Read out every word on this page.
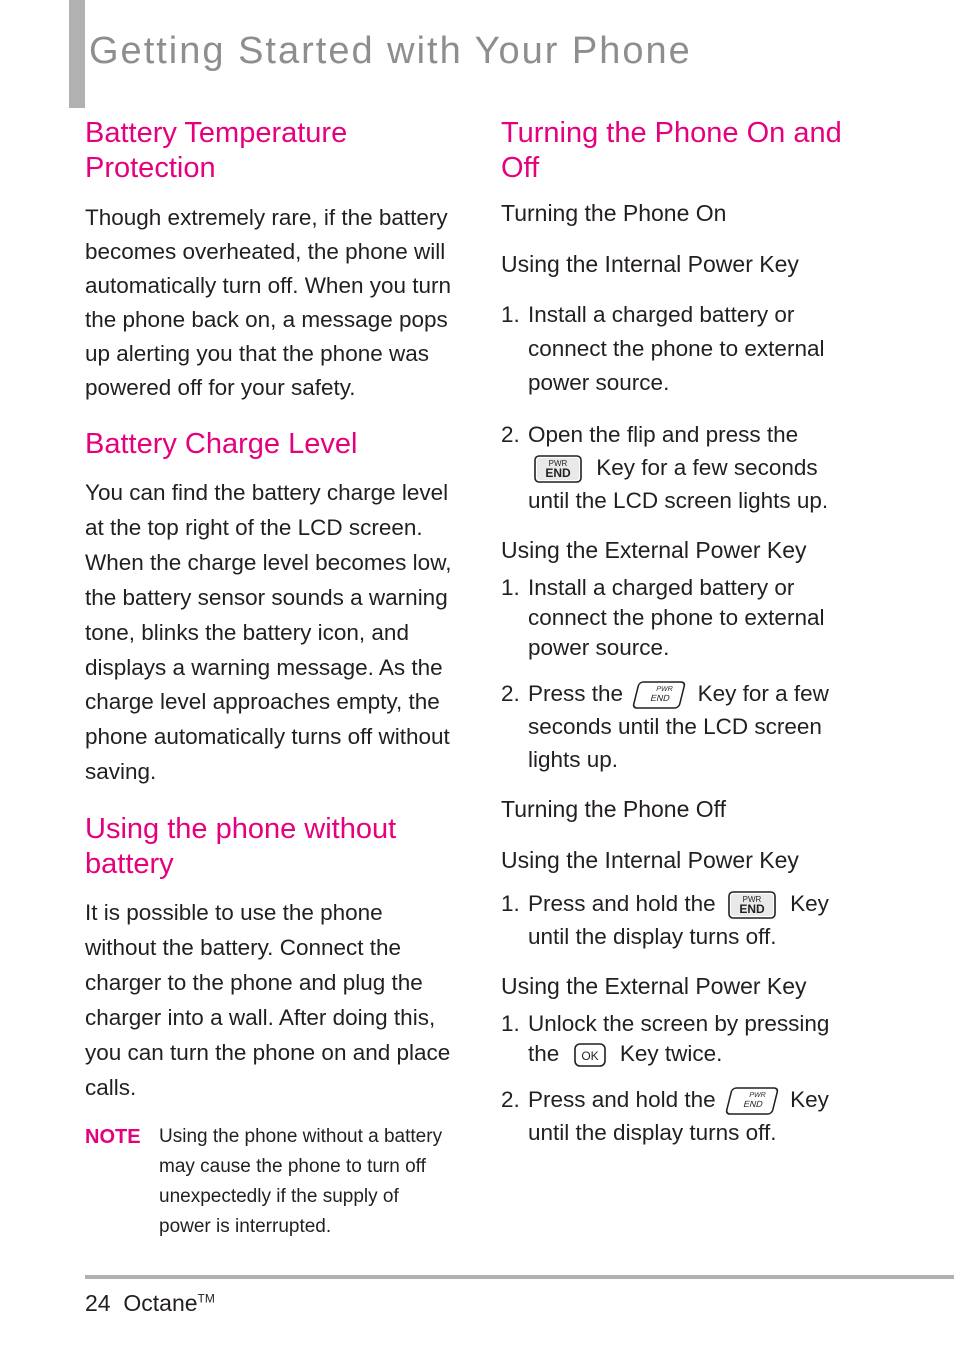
Getting Started with Your Phone
Battery Temperature Protection

Though extremely rare, if the battery becomes overheated, the phone will automatically turn off. When you turn the phone back on, a message pops up alerting you that the phone was powered off for your safety.

Battery Charge Level

You can find the battery charge level at the top right of the LCD screen. When the charge level becomes low, the battery sensor sounds a warning tone, blinks the battery icon, and displays a warning message. As the charge level approaches empty, the phone automatically turns off without saving.

Using the phone without battery

It is possible to use the phone without the battery. Connect the charger to the phone and plug the charger into a wall. After doing this, you can turn the phone on and place calls.

NOTE Using the phone without a battery may cause the phone to turn off unexpectedly if the supply of power is interrupted.

Turning the Phone On and Off
Turning the Phone On
Using the Internal Power Key
1. Install a charged battery or connect the phone to external power source.
2. Open the flip and press the
PWR
END Key for a few seconds until the LCD screen lights up.
Using the External Power Key
1. Install a charged battery or connect the phone to external power source.
2. Press the	PWR
END Key for a few seconds until the LCD screen lights up.
Turning the Phone Off
Using the Internal Power Key
1. Press and hold the	PWR
END Key until the display turns off.
Using the External Power Key
1. Unlock the screen by pressing the OK Key twice.
2. Press and hold the	PWR
END Key until the display turns off.
24 Octane™
